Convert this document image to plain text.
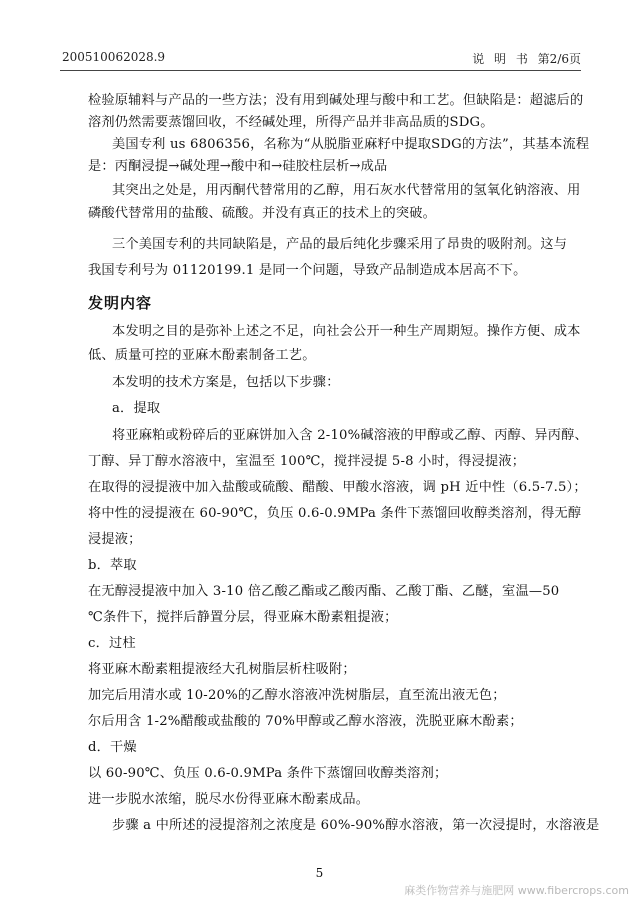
200510062028.9	说 明 书 第2/6页
检验原辅料与产品的一些方法；没有用到碱处理与酸中和工艺。但缺陷是：超滤后的
溶剂仍然需要蒸馏回收，不经碱处理，所得产品并非高品质的SDG。
美国专利 us 6806356，名称为“从脱脂亚麻籽中提取SDG的方法”，其基本流程
是：丙酮浸提→碱处理→酸中和→硅胶柱层析→成品
其突出之处是，用丙酮代替常用的乙醇，用石灰水代替常用的氢氧化钠溶液、用
磷酸代替常用的盐酸、硫酸。并没有真正的技术上的突破。
三个美国专利的共同缺陷是，产品的最后纯化步骤采用了昂贵的吸附剂。这与
我国专利号为 01120199.1 是同一个问题，导致产品制造成本居高不下。
发明内容
本发明之目的是弥补上述之不足，向社会公开一种生产周期短。操作方便、成本
低、质量可控的亚麻木酚素制备工艺。
本发明的技术方案是，包括以下步骤：
a．提取
将亚麻粕或粉碎后的亚麻饼加入含 2-10%碱溶液的甲醇或乙醇、丙醇、异丙醇、
丁醇、异丁醇水溶液中，室温至 100℃，搅拌浸提 5-8 小时，得浸提液；
在取得的浸提液中加入盐酸或硫酸、醋酸、甲酸水溶液，调 pH 近中性（6.5-7.5）；
将中性的浸提液在 60-90℃，负压 0.6-0.9MPa 条件下蒸馏回收醇类溶剂，得无醇
浸提液；
b．萃取
在无醇浸提液中加入 3-10 倍乙酸乙酯或乙酸丙酯、乙酸丁酯、乙醚，室温—50
℃条件下，搅拌后静置分层，得亚麻木酚素粗提液；
c．过柱
将亚麻木酚素粗提液经大孔树脂层析柱吸附；
加完后用清水或 10-20%的乙醇水溶液冲洗树脂层，直至流出液无色；
尔后用含 1-2%醋酸或盐酸的 70%甲醇或乙醇水溶液，洗脱亚麻木酚素；
d．干燥
以 60-90℃、负压 0.6-0.9MPa 条件下蒸馏回收醇类溶剂；
进一步脱水浓缩，脱尽水份得亚麻木酚素成品。
步骤 a 中所述的浸提溶剂之浓度是 60%-90%醇水溶液，第一次浸提时，水溶液是
5
麻类作物营养与施肥网 www.fibercrops.com
